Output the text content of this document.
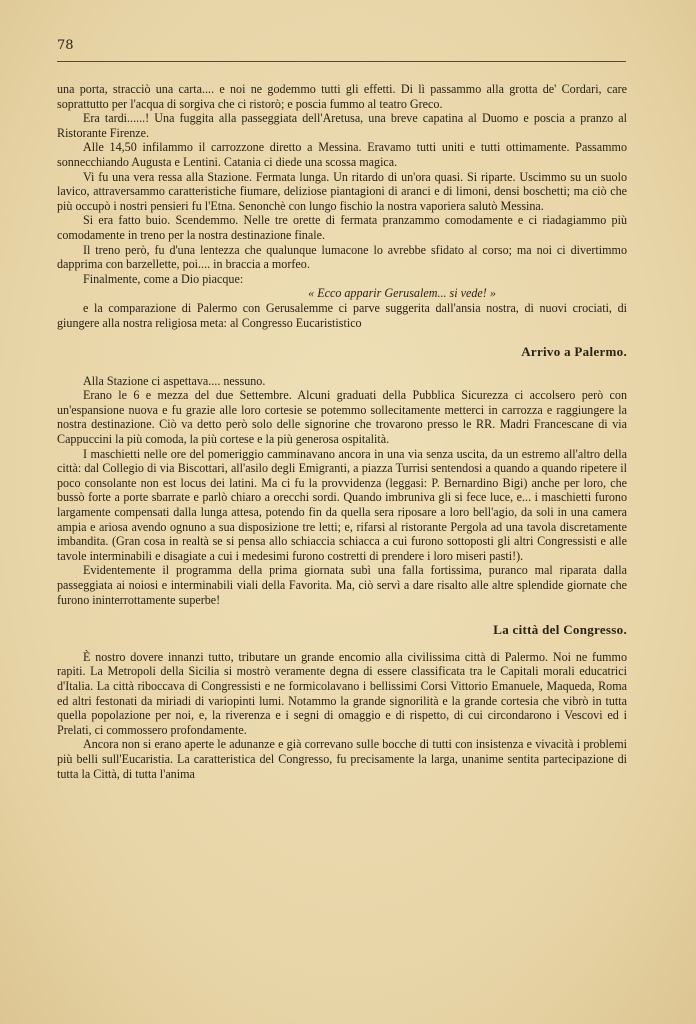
78

una porta, stracciò una carta.... e noi ne godemmo tutti gli effetti. Di lì passammo alla grotta de' Cordari, care soprattutto per l'acqua di sorgiva che ci ristorò; e poscia fummo al teatro Greco.

Era tardi......! Una fuggita alla passeggiata dell'Aretusa, una breve capatina al Duomo e poscia a pranzo al Ristorante Firenze.

Alle 14,50 infilammo il carrozzone diretto a Messina. Eravamo tutti uniti e tutti ottimamente. Passammo sonnecchiando Augusta e Lentini. Catania ci diede una scossa magica.

Vi fu una vera ressa alla Stazione. Fermata lunga. Un ritardo di un'ora quasi. Si riparte. Uscimmo su un suolo lavico, attraversammo caratteristiche fiumare, deliziose piantagioni di aranci e di limoni, densi boschetti; ma ciò che più occupò i nostri pensieri fu l'Etna. Senonchè con lungo fischio la nostra vaporiera salutò Messina.

Si era fatto buio. Scendemmo. Nelle tre orette di fermata pranzammo comodamente e ci riadagiammo più comodamente in treno per la nostra destinazione finale.

Il treno però, fu d'una lentezza che qualunque lumacone lo avrebbe sfidato al corso; ma noi ci divertimmo dapprima con barzellette, poi.... in braccia a morfeo.

Finalmente, come a Dio piacque:

« Ecco apparir Gerusalem... si vede! »

e la comparazione di Palermo con Gerusalemme ci parve suggerita dall'ansia nostra, di nuovi crociati, di giungere alla nostra religiosa meta: al Congresso Eucarististico

Arrivo a Palermo.

Alla Stazione ci aspettava.... nessuno.

Erano le 6 e mezza del due Settembre. Alcuni graduati della Pubblica Sicurezza ci accolsero però con un'espansione nuova e fu grazie alle loro cortesie se potemmo sollecitamente metterci in carrozza e raggiungere la nostra destinazione. Ciò va detto però solo delle signorine che trovarono presso le RR. Madri Francescane di via Cappuccini la più comoda, la più cortese e la più generosa ospitalità.

I maschietti nelle ore del pomeriggio camminavano ancora in una via senza uscita, da un estremo all'altro della città: dal Collegio di via Biscottari, all'asilo degli Emigranti, a piazza Turrisi sentendosi a quando a quando ripetere il poco consolante non est locus dei latini. Ma ci fu la provvidenza (leggasi: P. Bernardino Bigi) anche per loro, che bussò forte a porte sbarrate e parlò chiaro a orecchi sordi. Quando imbruniva gli si fece luce, e... i maschietti furono largamente compensati dalla lunga attesa, potendo fin da quella sera riposare a loro bell'agio, da soli in una camera ampia e ariosa avendo ognuno a sua disposizione tre letti; e, rifarsi al ristorante Pergola ad una tavola discretamente imbandita. (Gran cosa in realtà se si pensa allo schiaccia schiacca a cui furono sottoposti gli altri Congressisti e alle tavole interminabili e disagiate a cui i medesimi furono costretti di prendere i loro miseri pasti!).

Evidentemente il programma della prima giornata subì una falla fortissima, puranco mal riparata dalla passeggiata ai noiosi e interminabili viali della Favorita. Ma, ciò servì a dare risalto alle altre splendide giornate che furono ininterrottamente superbe!

La città del Congresso.

È nostro dovere innanzi tutto, tributare un grande encomio alla civilissima città di Palermo. Noi ne fummo rapiti. La Metropoli della Sicilia si mostrò veramente degna di essere classificata tra le Capitali morali educatrici d'Italia. La città riboccava di Congressisti e ne formicolavano i bellissimi Corsi Vittorio Emanuele, Maqueda, Roma ed altri festonati da miriadi di variopinti lumi. Notammo la grande signorilità e la grande cortesia che vibrò in tutta quella popolazione per noi, e, la riverenza e i segni di omaggio e di rispetto, di cui circondarono i Vescovi ed i Prelati, ci commossero profondamente.

Ancora non si erano aperte le adunanze e già correvano sulle bocche di tutti con insistenza e vivacità i problemi più belli sull'Eucaristia. La caratteristica del Congresso, fu precisamente la larga, unanime sentita partecipazione di tutta la Città, di tutta l'anima
